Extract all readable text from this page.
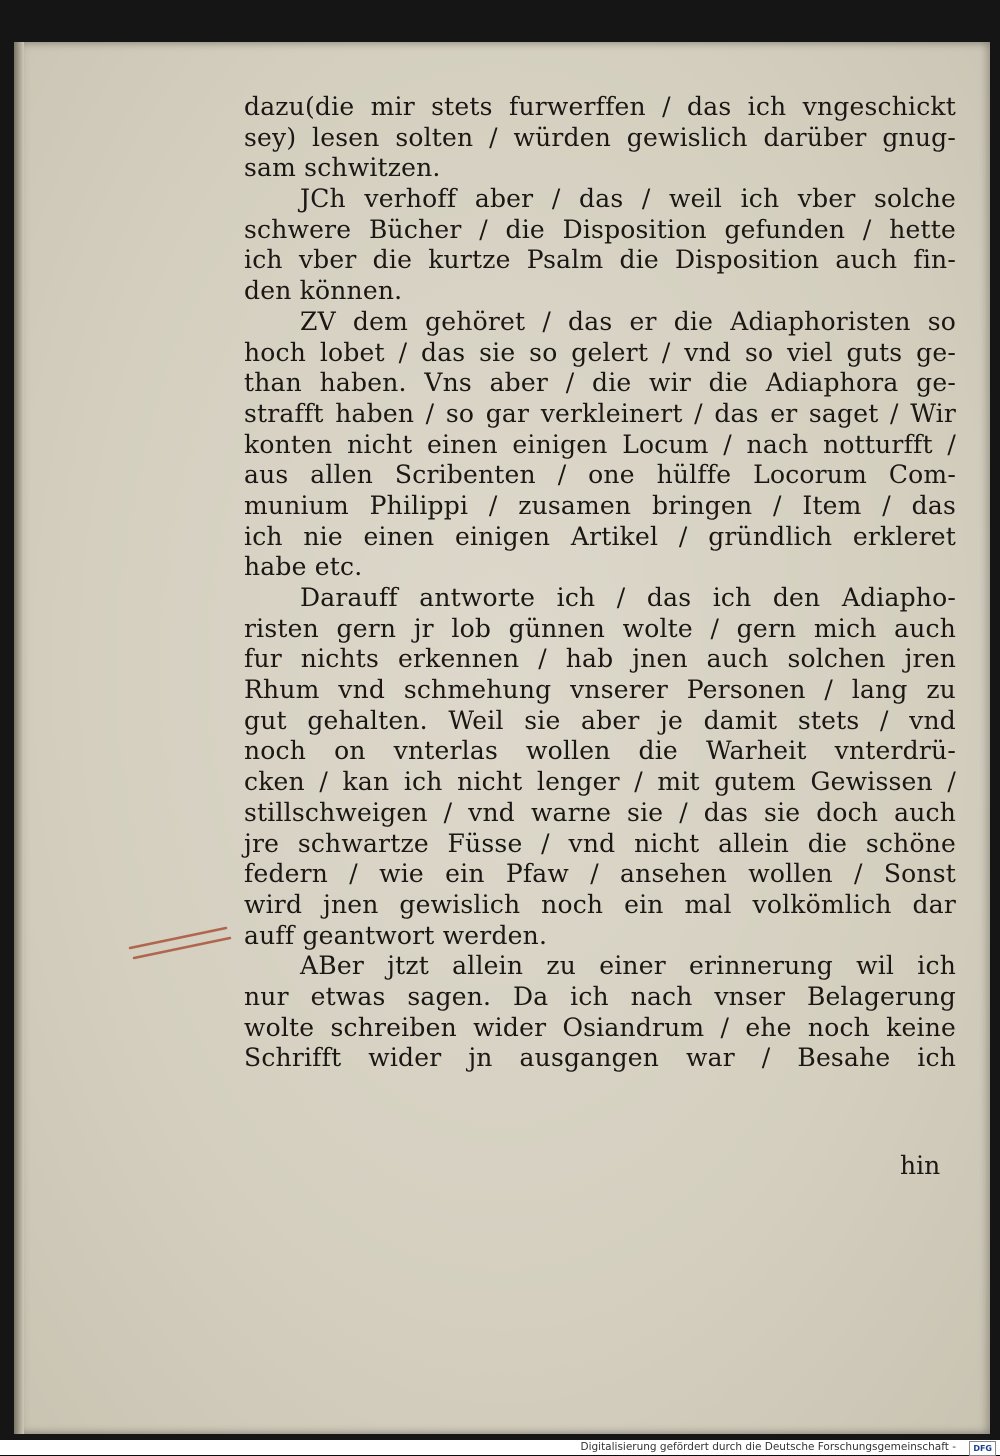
dazu(die mir stets furwerffen / das ich vngeschickt
sey) lesen solten / würden gewislich darüber gnug-
sam schwitzen.
JCh verhoff aber / das / weil ich vber solche
schwere Bücher / die Disposition gefunden / hette
ich vber die kurtze Psalm die Disposition auch fin-
den können.
ZV dem gehöret / das er die Adiaphoristen so
hoch lobet / das sie so gelert / vnd so viel guts ge-
than haben. Vns aber / die wir die Adiaphora ge-
strafft haben / so gar verkleinert / das er saget / Wir
konten nicht einen einigen Locum / nach notturfft /
aus allen Scribenten / one hülffe Locorum Com-
munium Philippi / zusamen bringen / Item / das
ich nie einen einigen Artikel / gründlich erkleret
habe etc.
Darauff antworte ich / das ich den Adiapho-
risten gern jr lob günnen wolte / gern mich auch
fur nichts erkennen / hab jnen auch solchen jren
Rhum vnd schmehung vnserer Personen / lang zu
gut gehalten. Weil sie aber je damit stets / vnd
noch on vnterlas wollen die Warheit vnterdrü-
cken / kan ich nicht lenger / mit gutem Gewissen /
stillschweigen / vnd warne sie / das sie doch auch
jre schwartze Füsse / vnd nicht allein die schöne
federn / wie ein Pfaw / ansehen wollen / Sonst
wird jnen gewislich noch ein mal volkömlich dar
auff geantwort werden.
ABer jtzt allein zu einer erinnerung wil ich
nur etwas sagen. Da ich nach vnser Belagerung
wolte schreiben wider Osiandrum / ehe noch keine
Schrifft wider jn ausgangen war / Besahe ich
hin
Digitalisierung gefördert durch die Deutsche Forschungsgemeinschaft -	DFG
